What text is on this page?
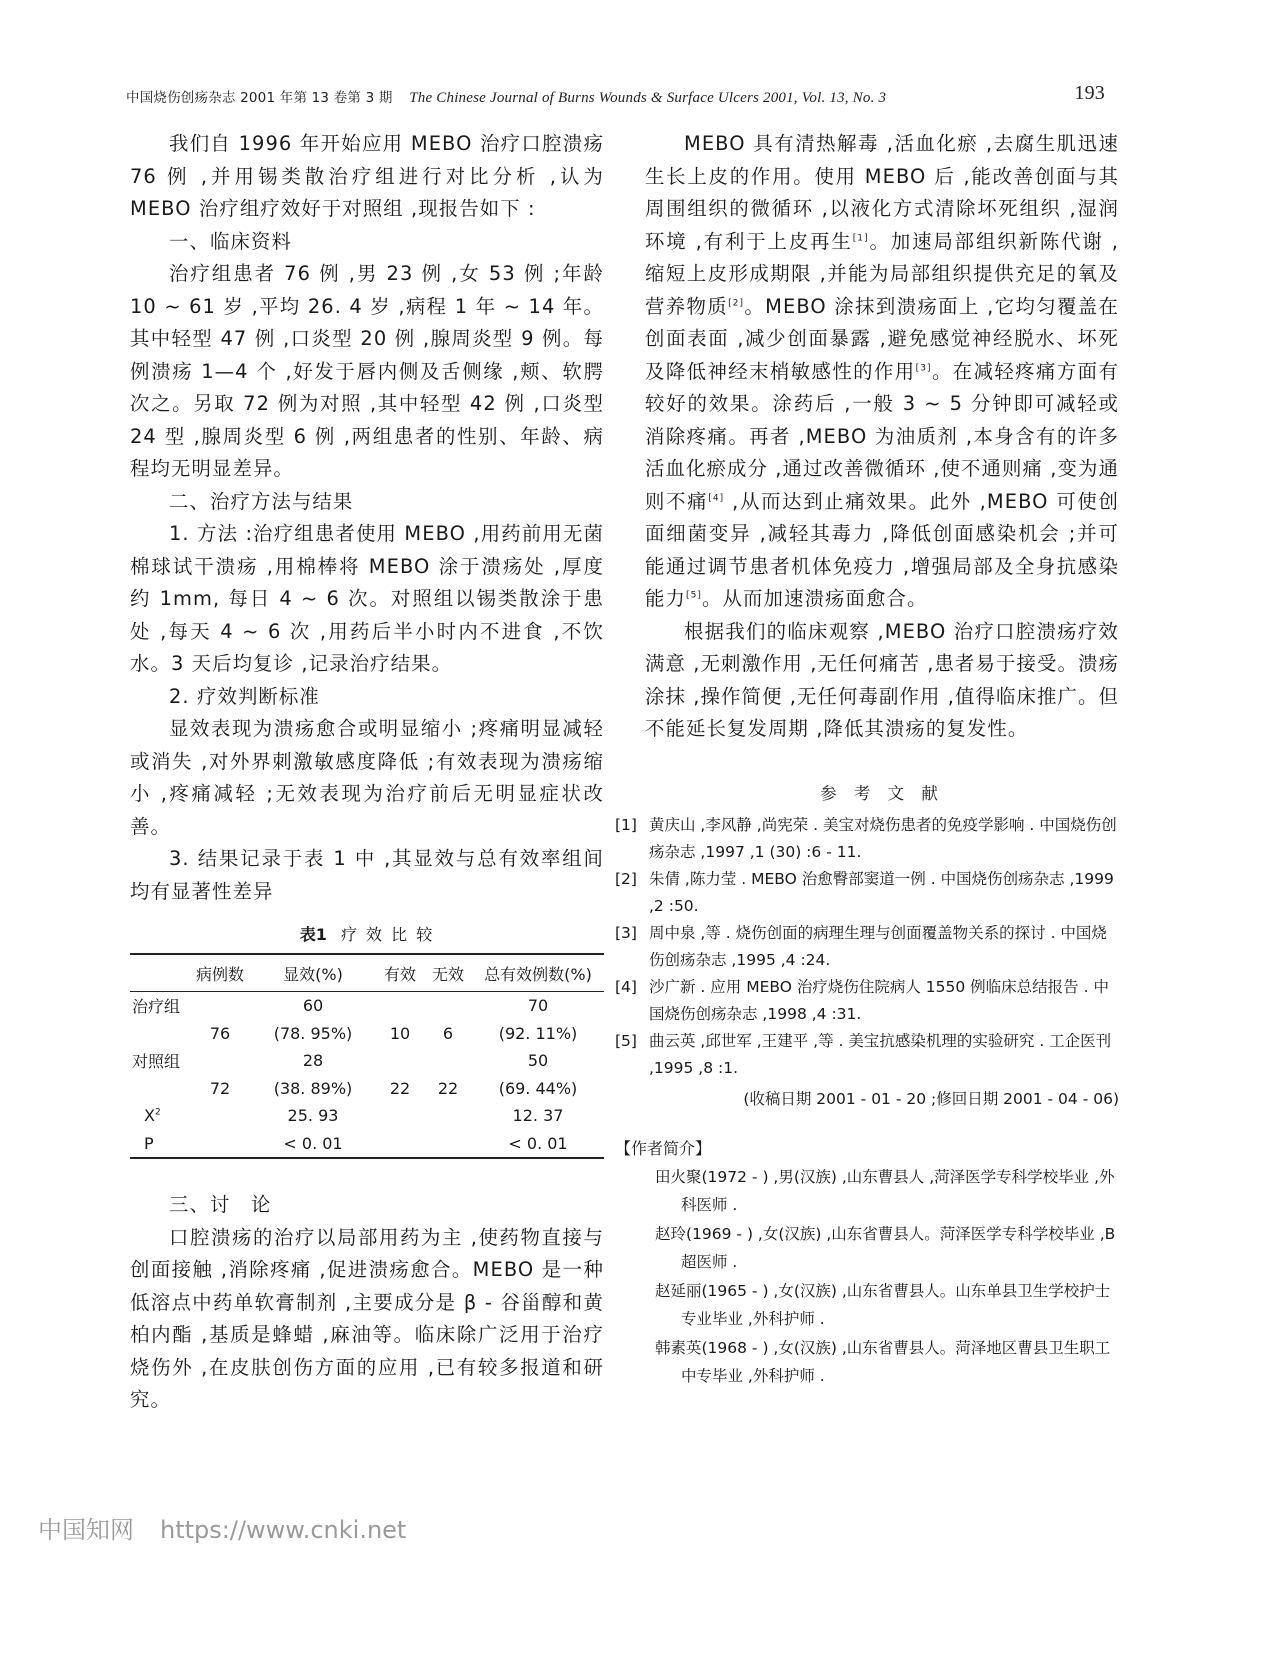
中国烧伤创疡杂志 2001 年第 13 卷第 3 期 The Chinese Journal of Burns Wounds & Surface Ulcers 2001, Vol. 13, No. 3	193

我们自 1996 年开始应用 MEBO 治疗口腔溃疡 76 例 ,并用锡类散治疗组进行对比分析 ,认为 MEBO 治疗组疗效好于对照组 ,现报告如下 :

一、临床资料

治疗组患者 76 例 ,男 23 例 ,女 53 例 ;年龄 10 ~ 61 岁 ,平均 26. 4 岁 ,病程 1 年 ~ 14 年。其中轻型 47 例 ,口炎型 20 例 ,腺周炎型 9 例。每例溃疡 1—4 个 ,好发于唇内侧及舌侧缘 ,颊、软腭次之。另取 72 例为对照 ,其中轻型 42 例 ,口炎型 24 型 ,腺周炎型 6 例 ,两组患者的性别、年龄、病程均无明显差异。

二、治疗方法与结果

1. 方法 :治疗组患者使用 MEBO ,用药前用无菌棉球试干溃疡 ,用棉棒将 MEBO 涂于溃疡处 ,厚度约 1mm, 每日 4 ~ 6 次。对照组以锡类散涂于患处 ,每天 4 ~ 6 次 ,用药后半小时内不进食 ,不饮水。3 天后均复诊 ,记录治疗结果。

2. 疗效判断标准

显效表现为溃疡愈合或明显缩小 ;疼痛明显减轻或消失 ,对外界刺激敏感度降低 ;有效表现为溃疡缩小 ,疼痛减轻 ;无效表现为治疗前后无明显症状改善。

3. 结果记录于表 1 中 ,其显效与总有效率组间均有显著性差异

表1 疗 效 比 较
	病例数	显效(%)	有效	无效	总有效例数(%)
治疗组		60			70
	76	(78. 95%)	10	6	(92. 11%)
对照组		28			50
	72	(38. 89%)	22	22	(69. 44%)
$X^2$		25. 93			12. 37
P		< 0. 01			< 0. 01
三、讨　论

口腔溃疡的治疗以局部用药为主 ,使药物直接与创面接触 ,消除疼痛 ,促进溃疡愈合。MEBO 是一种低溶点中药单软膏制剂 ,主要成分是 β - 谷甾醇和黄柏内酯 ,基质是蜂蜡 ,麻油等。临床除广泛用于治疗烧伤外 ,在皮肤创伤方面的应用 ,已有较多报道和研究。

MEBO 具有清热解毒 ,活血化瘀 ,去腐生肌迅速生长上皮的作用。使用 MEBO 后 ,能改善创面与其周围组织的微循环 ,以液化方式清除坏死组织 ,湿润环境 ,有利于上皮再生[1]。加速局部组织新陈代谢 ,缩短上皮形成期限 ,并能为局部组织提供充足的氧及营养物质[2]。MEBO 涂抹到溃疡面上 ,它均匀覆盖在创面表面 ,减少创面暴露 ,避免感觉神经脱水、坏死及降低神经末梢敏感性的作用[3]。在减轻疼痛方面有较好的效果。涂药后 ,一般 3 ~ 5 分钟即可减轻或消除疼痛。再者 ,MEBO 为油质剂 ,本身含有的许多活血化瘀成分 ,通过改善微循环 ,使不通则痛 ,变为通则不痛[4] ,从而达到止痛效果。此外 ,MEBO 可使创面细菌变异 ,减轻其毒力 ,降低创面感染机会 ;并可能通过调节患者机体免疫力 ,增强局部及全身抗感染能力[5]。从而加速溃疡面愈合。

根据我们的临床观察 ,MEBO 治疗口腔溃疡疗效满意 ,无刺激作用 ,无任何痛苦 ,患者易于接受。溃疡涂抹 ,操作简便 ,无任何毒副作用 ,值得临床推广。但不能延长复发周期 ,降低其溃疡的复发性。

参 考 文 献
[1] 黄庆山 ,李风静 ,尚宪荣 . 美宝对烧伤患者的免疫学影响 . 中国烧伤创疡杂志 ,1997 ,1 (30) :6 - 11.
[2] 朱倩 ,陈力莹 . MEBO 治愈臀部窦道一例 . 中国烧伤创疡杂志 ,1999 ,2 :50.
[3] 周中泉 ,等 . 烧伤创面的病理生理与创面覆盖物关系的探讨 . 中国烧伤创疡杂志 ,1995 ,4 :24.
[4] 沙广新 . 应用 MEBO 治疗烧伤住院病人 1550 例临床总结报告 . 中国烧伤创疡杂志 ,1998 ,4 :31.
[5] 曲云英 ,邱世军 ,王建平 ,等 . 美宝抗感染机理的实验研究 . 工企医刊 ,1995 ,8 :1.
(收稿日期 2001 - 01 - 20 ;修回日期 2001 - 04 - 06)
【作者简介】
田火聚(1972 - ) ,男(汉族) ,山东曹县人 ,菏泽医学专科学校毕业 ,外科医师 .
赵玲(1969 - ) ,女(汉族) ,山东省曹县人。菏泽医学专科学校毕业 ,B 超医师 .
赵延丽(1965 - ) ,女(汉族) ,山东省曹县人。山东单县卫生学校护士专业毕业 ,外科护师 .
韩素英(1968 - ) ,女(汉族) ,山东省曹县人。菏泽地区曹县卫生职工中专毕业 ,外科护师 .
中国知网 https://www.cnki.net
